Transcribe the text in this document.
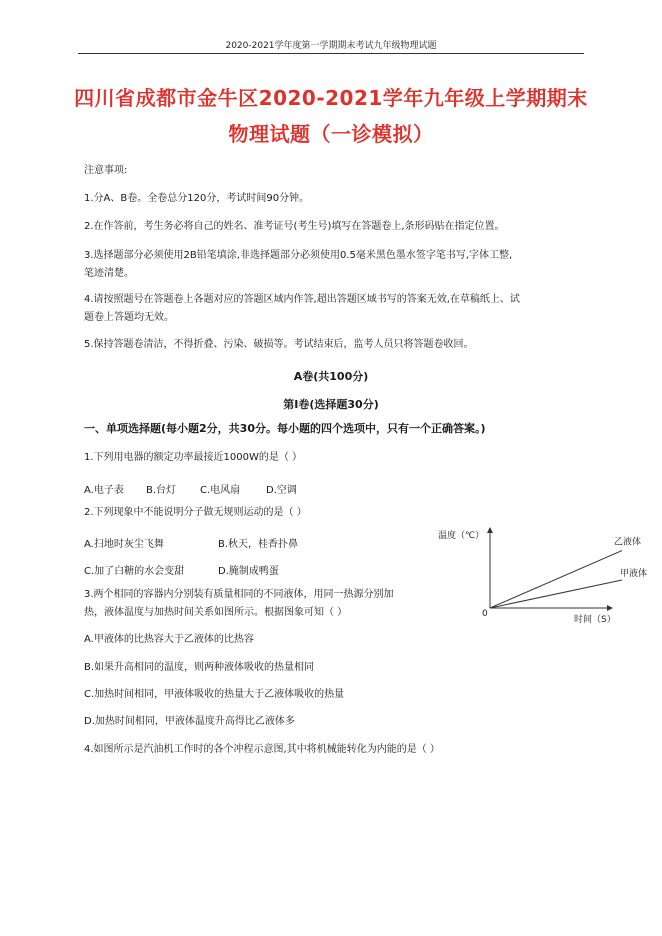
2020-2021学年度第一学期期末考试九年级物理试题
四川省成都市金牛区2020-2021学年九年级上学期期末
物理试题（一诊模拟）
注意事项:
1.分A、B卷。全卷总分120分，考试时间90分钟。
2.在作答前，考生务必将自己的姓名、准考证号(考生号)填写在答题卷上,条形码贴在指定位置。
3.选择题部分必须使用2B铅笔填涂,非选择题部分必须使用0.5毫米黑色墨水签字笔书写,字体工整,
笔迹清楚。
4.请按照题号在答题卷上各题对应的答题区域内作答,超出答题区域书写的答案无效,在草稿纸上、试
题卷上答题均无效。
5.保持答题卷清洁，不得折叠、污染、破损等。考试结束后，监考人员只将答题卷收回。
A卷(共100分)
第Ⅰ卷(选择题30分)
一、单项选择题(每小题2分，共30分。每小题的四个选项中，只有一个正确答案。)
1.下列用电器的额定功率最接近1000W的是（ ）
A.电子表 B.台灯 C.电风扇	D.空调
2.下列现象中不能说明分子做无规则运动的是（ ）
A.扫地时灰尘飞舞	B.秋天，桂香扑鼻
C.加了白糖的水会变甜	D.腌制成鸭蛋
3.两个相同的容器内分别装有质量相同的不同液体，用同一热源分别加
热，液体温度与加热时间关系如图所示。根据图象可知（ ）
A.甲液体的比热容大于乙液体的比热容
B.如果升高相同的温度，则两种液体吸收的热量相同
C.加热时间相同，甲液体吸收的热量大于乙液体吸收的热量
D.加热时间相同，甲液体温度升高得比乙液体多
4.如图所示是汽油机工作时的各个冲程示意图,其中将机械能转化为内能的是（ ）
温度（℃）
时间（S）
0
乙液体
甲液体
